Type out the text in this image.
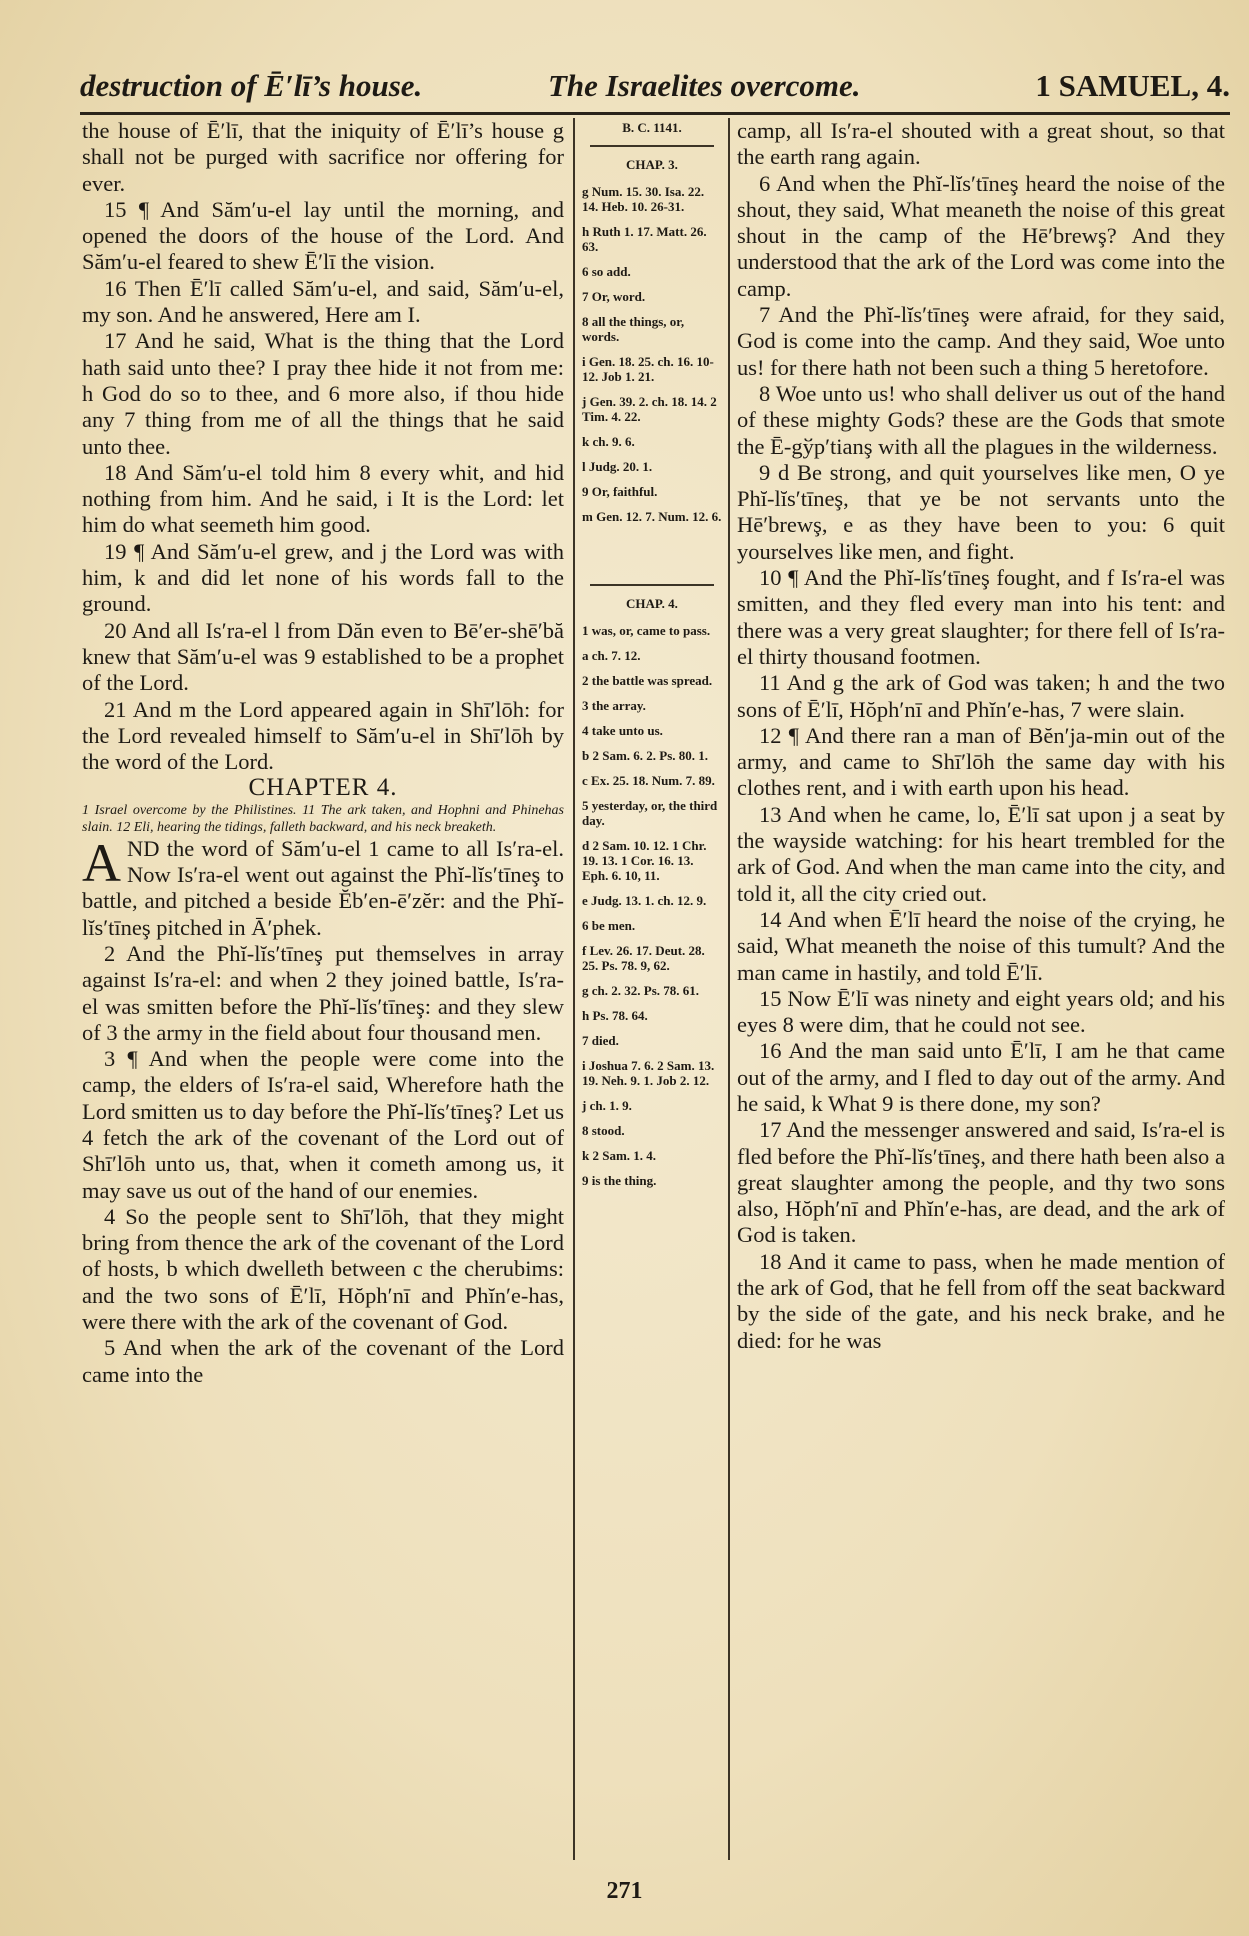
destruction of Ē′lī’s house.	The Israelites overcome.	1 SAMUEL, 4.

the house of Ē′lī, that the iniquity of Ē′lī’s house g shall not be purged with sacrifice nor offering for ever.

15 ¶ And Săm′u-el lay until the morning, and opened the doors of the house of the Lord. And Săm′u-el feared to shew Ē′lī the vision.

16 Then Ē′lī called Săm′u-el, and said, Săm′u-el, my son. And he answered, Here am I.

17 And he said, What is the thing that the Lord hath said unto thee? I pray thee hide it not from me: h God do so to thee, and 6 more also, if thou hide any 7 thing from me of all the things that he said unto thee.

18 And Săm′u-el told him 8 every whit, and hid nothing from him. And he said, i It is the Lord: let him do what seemeth him good.

19 ¶ And Săm′u-el grew, and j the Lord was with him, k and did let none of his words fall to the ground.

20 And all Is′ra-el l from Dăn even to Bē′er-shē′bă knew that Săm′u-el was 9 established to be a prophet of the Lord.

21 And m the Lord appeared again in Shī′lōh: for the Lord revealed himself to Săm′u-el in Shī′lōh by the word of the Lord.

CHAPTER 4.

1 Israel overcome by the Philistines. 11 The ark taken, and Hophni and Phinehas slain. 12 Eli, hearing the tidings, falleth backward, and his neck breaketh.

AND the word of Săm′u-el 1 came to all Is′ra-el. Now Is′ra-el went out against the Phĭ-lĭs′tīneş to battle, and pitched a beside Ĕb′en-ē′zĕr: and the Phĭ-lĭs′tīneş pitched in Ā′phek.

2 And the Phĭ-lĭs′tīneş put themselves in array against Is′ra-el: and when 2 they joined battle, Is′ra-el was smitten before the Phĭ-lĭs′tīneş: and they slew of 3 the army in the field about four thousand men.

3 ¶ And when the people were come into the camp, the elders of Is′ra-el said, Wherefore hath the Lord smitten us to day before the Phĭ-lĭs′tīneş? Let us 4 fetch the ark of the covenant of the Lord out of Shī′lōh unto us, that, when it cometh among us, it may save us out of the hand of our enemies.

4 So the people sent to Shī′lōh, that they might bring from thence the ark of the covenant of the Lord of hosts, b which dwelleth between c the cherubims: and the two sons of Ē′lī, Hŏph′nī and Phĭn′e-has, were there with the ark of the covenant of God.

5 And when the ark of the covenant of the Lord came into the

B. C. 1141.
CHAP. 3.
g Num. 15. 30. Isa. 22. 14. Heb. 10. 26-31.
h Ruth 1. 17. Matt. 26. 63.
6 so add.
7 Or, word.
8 all the things, or, words.
i Gen. 18. 25. ch. 16. 10-12. Job 1. 21.
j Gen. 39. 2. ch. 18. 14. 2 Tim. 4. 22.
k ch. 9. 6.
l Judg. 20. 1.
9 Or, faithful.
m Gen. 12. 7. Num. 12. 6.
CHAP. 4.
1 was, or, came to pass.
a ch. 7. 12.
2 the battle was spread.
3 the array.
4 take unto us.
b 2 Sam. 6. 2. Ps. 80. 1.
c Ex. 25. 18. Num. 7. 89.
5 yesterday, or, the third day.
d 2 Sam. 10. 12. 1 Chr. 19. 13. 1 Cor. 16. 13. Eph. 6. 10, 11.
e Judg. 13. 1. ch. 12. 9.
6 be men.
f Lev. 26. 17. Deut. 28. 25. Ps. 78. 9, 62.
g ch. 2. 32. Ps. 78. 61.
h Ps. 78. 64.
7 died.
i Joshua 7. 6. 2 Sam. 13. 19. Neh. 9. 1. Job 2. 12.
j ch. 1. 9.
8 stood.
k 2 Sam. 1. 4.
9 is the thing.

camp, all Is′ra-el shouted with a great shout, so that the earth rang again.

6 And when the Phĭ-lĭs′tīneş heard the noise of the shout, they said, What meaneth the noise of this great shout in the camp of the Hē′brewş? And they understood that the ark of the Lord was come into the camp.

7 And the Phĭ-lĭs′tīneş were afraid, for they said, God is come into the camp. And they said, Woe unto us! for there hath not been such a thing 5 heretofore.

8 Woe unto us! who shall deliver us out of the hand of these mighty Gods? these are the Gods that smote the Ē-gўp′tianş with all the plagues in the wilderness.

9 d Be strong, and quit yourselves like men, O ye Phĭ-lĭs′tīneş, that ye be not servants unto the Hē′brewş, e as they have been to you: 6 quit yourselves like men, and fight.

10 ¶ And the Phĭ-lĭs′tīneş fought, and f Is′ra-el was smitten, and they fled every man into his tent: and there was a very great slaughter; for there fell of Is′ra-el thirty thousand footmen.

11 And g the ark of God was taken; h and the two sons of Ē′lī, Hŏph′nī and Phĭn′e-has, 7 were slain.

12 ¶ And there ran a man of Bĕn′ja-min out of the army, and came to Shī′lōh the same day with his clothes rent, and i with earth upon his head.

13 And when he came, lo, Ē′lī sat upon j a seat by the wayside watching: for his heart trembled for the ark of God. And when the man came into the city, and told it, all the city cried out.

14 And when Ē′lī heard the noise of the crying, he said, What meaneth the noise of this tumult? And the man came in hastily, and told Ē′lī.

15 Now Ē′lī was ninety and eight years old; and his eyes 8 were dim, that he could not see.

16 And the man said unto Ē′lī, I am he that came out of the army, and I fled to day out of the army. And he said, k What 9 is there done, my son?

17 And the messenger answered and said, Is′ra-el is fled before the Phĭ-lĭs′tīneş, and there hath been also a great slaughter among the people, and thy two sons also, Hŏph′nī and Phĭn′e-has, are dead, and the ark of God is taken.

18 And it came to pass, when he made mention of the ark of God, that he fell from off the seat backward by the side of the gate, and his neck brake, and he died: for he was

271
